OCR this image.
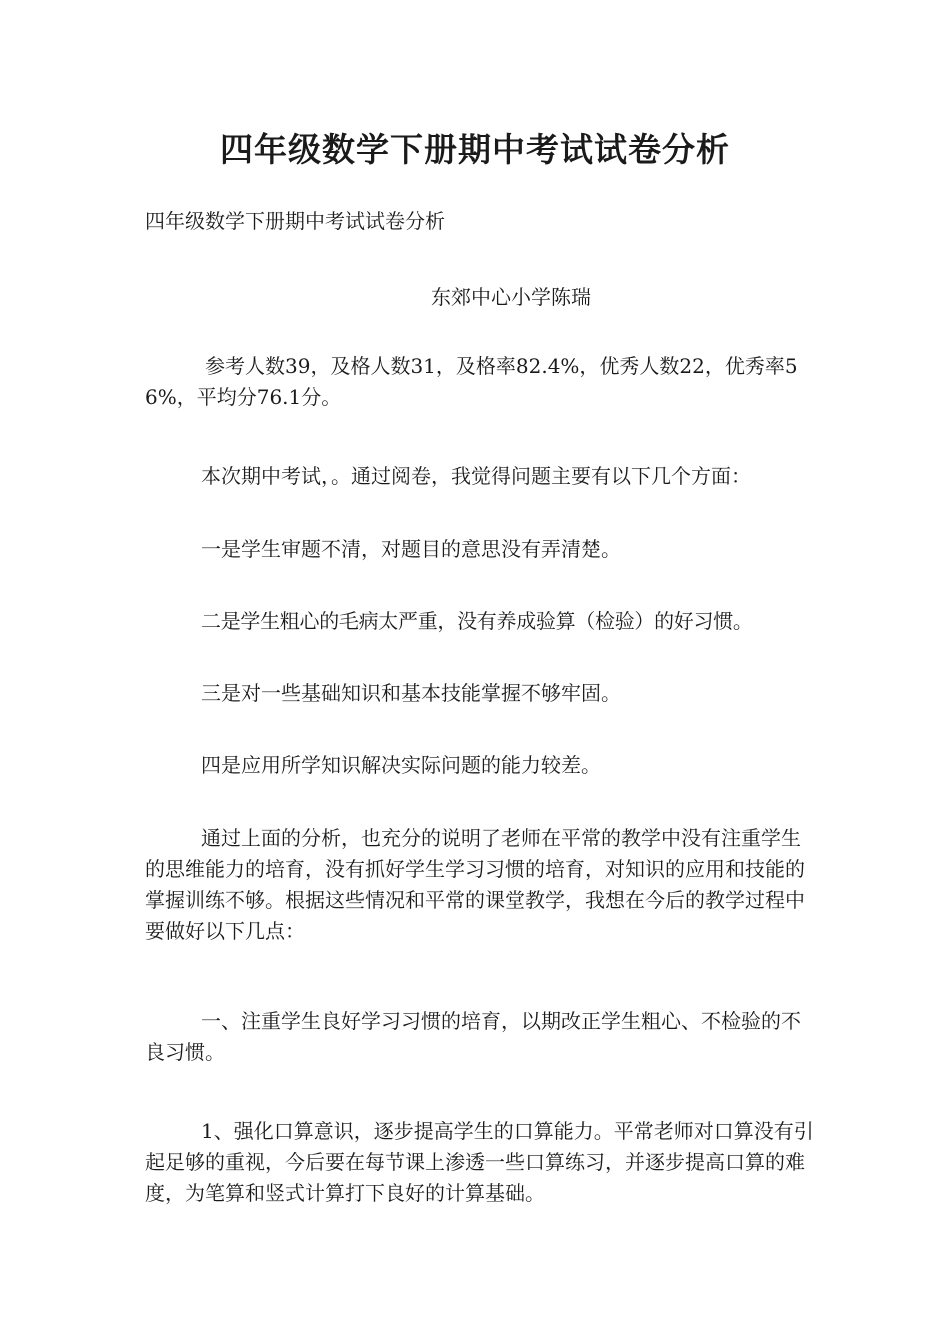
四年级数学下册期中考试试卷分析

四年级数学下册期中考试试卷分析

东郊中心小学陈瑞

参考人数39，及格人数31，及格率82.4%，优秀人数22，优秀率56%，平均分76.1分。

本次期中考试，。通过阅卷，我觉得问题主要有以下几个方面：

一是学生审题不清，对题目的意思没有弄清楚。

二是学生粗心的毛病太严重，没有养成验算（检验）的好习惯。

三是对一些基础知识和基本技能掌握不够牢固。

四是应用所学知识解决实际问题的能力较差。

通过上面的分析，也充分的说明了老师在平常的教学中没有注重学生的思维能力的培育，没有抓好学生学习习惯的培育，对知识的应用和技能的掌握训练不够。根据这些情况和平常的课堂教学，我想在今后的教学过程中要做好以下几点：

一、注重学生良好学习习惯的培育，以期改正学生粗心、不检验的不良习惯。

1、强化口算意识，逐步提高学生的口算能力。平常老师对口算没有引起足够的重视，今后要在每节课上渗透一些口算练习，并逐步提高口算的难度，为笔算和竖式计算打下良好的计算基础。
